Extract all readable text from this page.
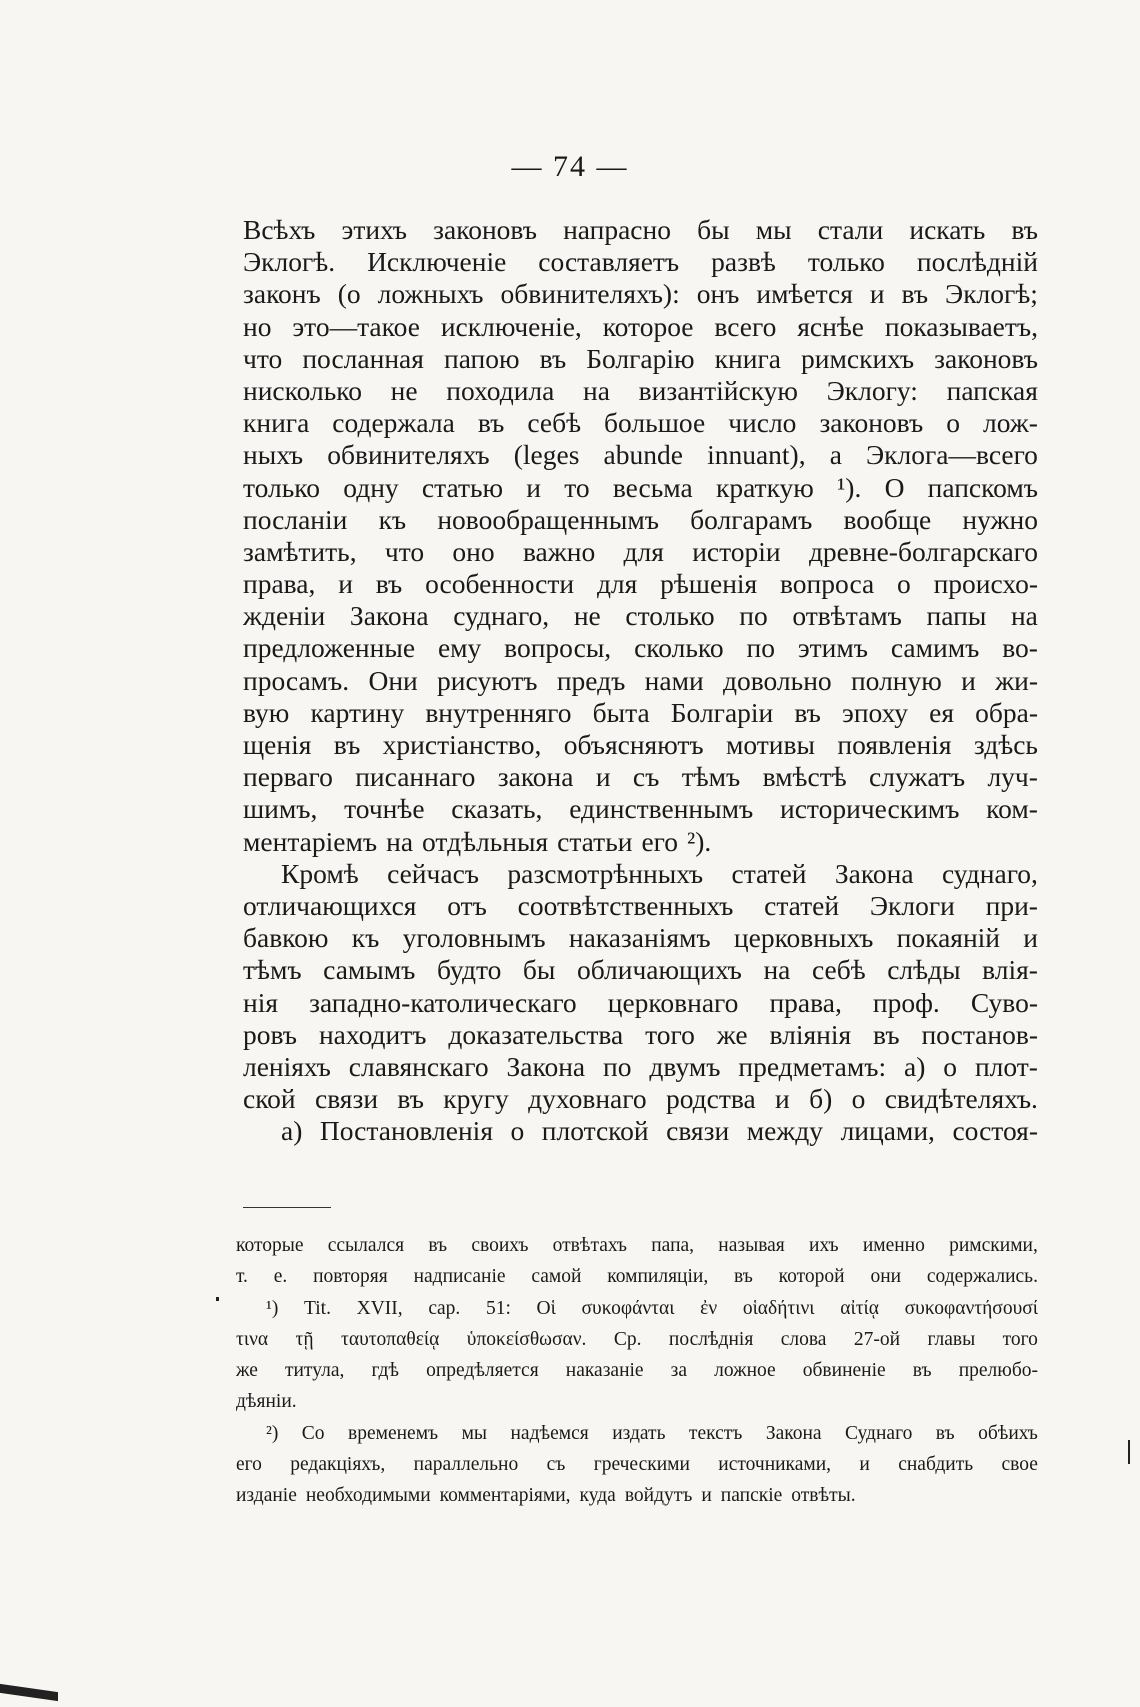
— 74 —
Всѣхъ этихъ законовъ напрасно бы мы стали искать въ
Эклогѣ. Исключеніе составляетъ развѣ только послѣдній
законъ (о ложныхъ обвинителяхъ): онъ имѣется и въ Эклогѣ;
но это—такое исключеніе, которое всего яснѣе показываетъ,
что посланная папою въ Болгарію книга римскихъ законовъ
нисколько не походила на византійскую Эклогу: папская
книга содержала въ себѣ большое число законовъ о лож-
ныхъ обвинителяхъ (leges abunde innuant), а Эклога—всего
только одну статью и то весьма краткую ¹). О папскомъ
посланіи къ новообращеннымъ болгарамъ вообще нужно
замѣтить, что оно важно для исторіи древне-болгарскаго
права, и въ особенности для рѣшенія вопроса о происхо-
жденіи Закона суднаго, не столько по отвѣтамъ папы на
предложенные ему вопросы, сколько по этимъ самимъ во-
просамъ. Они рисуютъ предъ нами довольно полную и жи-
вую картину внутренняго быта Болгаріи въ эпоху ея обра-
щенія въ христіанство, объясняютъ мотивы появленія здѣсь
перваго писаннаго закона и съ тѣмъ вмѣстѣ служатъ луч-
шимъ, точнѣе сказать, единственнымъ историческимъ ком-
ментаріемъ на отдѣльныя статьи его ²).
Кромѣ сейчасъ разсмотрѣнныхъ статей Закона суднаго,
отличающихся отъ соотвѣтственныхъ статей Эклоги при-
бавкою къ уголовнымъ наказаніямъ церковныхъ покаяній и
тѣмъ самымъ будто бы обличающихъ на себѣ слѣды влія-
нія западно-католическаго церковнаго права, проф. Суво-
ровъ находитъ доказательства того же вліянія въ постанов-
леніяхъ славянскаго Закона по двумъ предметамъ: а) о плот-
ской связи въ кругу духовнаго родства и б) о свидѣтеляхъ.
а) Постановленія о плотской связи между лицами, состоя-
которые ссылался въ своихъ отвѣтахъ папа, называя ихъ именно римскими,
т. е. повторяя надписаніе самой компиляціи, въ которой они содержались.
¹) Tit. XVII, cap. 51: Οἱ συκοφάνται ἐν οἱαδήτινι αἰτίᾳ συκοφαντήσουσί
τινα τῇ ταυτοπαθείᾳ ὑποκείσθωσαν. Ср. послѣднія слова 27-ой главы того
же титула, гдѣ опредѣляется наказаніе за ложное обвиненіе въ прелюбо-
дѣяніи.
²) Со временемъ мы надѣемся издать текстъ Закона Суднаго въ обѣихъ
его редакціяхъ, параллельно съ греческими источниками, и снабдить свое
изданіе необходимыми комментаріями, куда войдутъ и папскіе отвѣты.
